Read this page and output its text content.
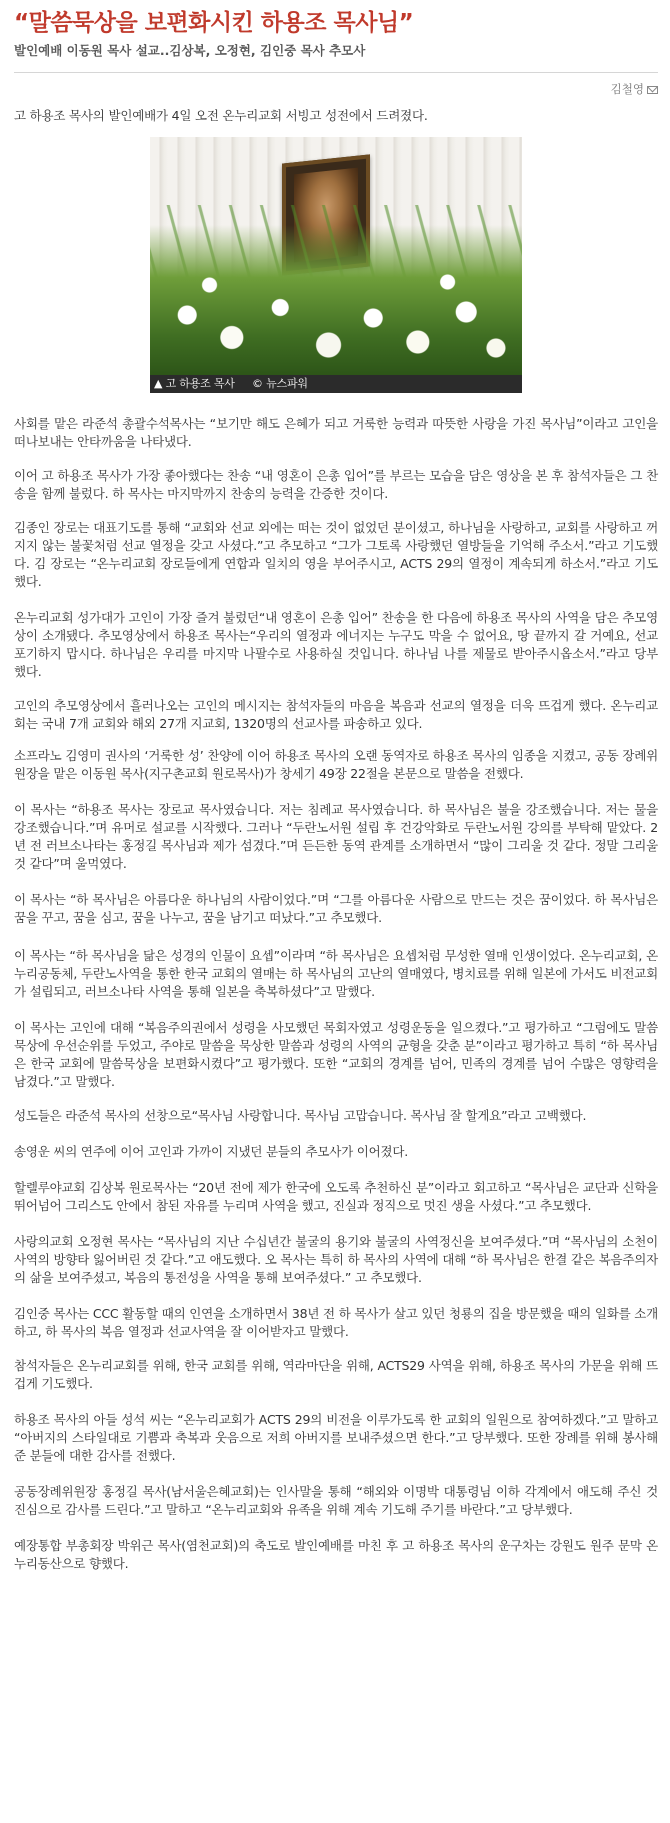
“말씀묵상을 보편화시킨 하용조 목사님”
발인예배 이동원 목사 설교..김상복, 오정현, 김인중 목사 추모사
김철영

고 하용조 목사의 발인예배가 4일 오전 온누리교회 서빙고 성전에서 드려졌다.

▲ 고 하용조 목사 © 뉴스파워

사회를 맡은 라준석 총괄수석목사는 “보기만 해도 은혜가 되고 거룩한 능력과 따뜻한 사랑을 가진 목사님”이라고 고인을 떠나보내는 안타까움을 나타냈다.

이어 고 하용조 목사가 가장 좋아했다는 찬송 “내 영혼이 은총 입어”를 부르는 모습을 담은 영상을 본 후 참석자들은 그 찬송을 함께 불렀다. 하 목사는 마지막까지 찬송의 능력을 간증한 것이다.

김종인 장로는 대표기도를 통해 “교회와 선교 외에는 떠는 것이 없었던 분이셨고, 하나님을 사랑하고, 교회를 사랑하고 꺼지지 않는 불꽃처럼 선교 열정을 갖고 사셨다.”고 추모하고 “그가 그토록 사랑했던 열방들을 기억해 주소서.”라고 기도했다. 김 장로는 “온누리교회 장로들에게 연합과 일치의 영을 부어주시고, ACTS 29의 열정이 계속되게 하소서.”라고 기도했다.

온누리교회 성가대가 고인이 가장 즐겨 불렀던“내 영혼이 은총 입어” 찬송을 한 다음에 하용조 목사의 사역을 담은 추모영상이 소개됐다. 추모영상에서 하용조 목사는“우리의 열정과 에너지는 누구도 막을 수 없어요, 땅 끝까지 갈 거예요, 선교 포기하지 맙시다. 하나님은 우리를 마지막 나팔수로 사용하실 것입니다. 하나님 나를 제물로 받아주시옵소서.”라고 당부했다.

고인의 추모영상에서 흘러나오는 고인의 메시지는 참석자들의 마음을 복음과 선교의 열정을 더욱 뜨겁게 했다. 온누리교회는 국내 7개 교회와 해외 27개 지교회, 1320명의 선교사를 파송하고 있다.

소프라노 김영미 권사의 ‘거룩한 성’ 찬양에 이어 하용조 목사의 오랜 동역자로 하용조 목사의 임종을 지켰고, 공동 장례위원장을 맡은 이동원 목사(지구촌교회 원로목사)가 창세기 49장 22절을 본문으로 말씀을 전했다.

이 목사는 “하용조 목사는 장로교 목사였습니다. 저는 침례교 목사였습니다. 하 목사님은 불을 강조했습니다. 저는 물을 강조했습니다.”며 유머로 설교를 시작했다. 그러나 “두란노서원 설립 후 건강악화로 두란노서원 강의를 부탁해 맡았다. 2년 전 러브소나타는 홍정길 목사님과 제가 섬겼다.”며 든든한 동역 관계를 소개하면서 “많이 그리울 것 같다. 정말 그리울 것 같다”며 울먹였다.

이 목사는 “하 목사님은 아름다운 하나님의 사람이었다.”며 “그를 아름다운 사람으로 만드는 것은 꿈이었다. 하 목사님은 꿈을 꾸고, 꿈을 심고, 꿈을 나누고, 꿈을 남기고 떠났다.”고 추모했다.

이 목사는 “하 목사님을 닮은 성경의 인물이 요셉”이라며 “하 목사님은 요셉처럼 무성한 열매 인생이었다. 온누리교회, 온누리공동체, 두란노사역을 통한 한국 교회의 열매는 하 목사님의 고난의 열매였다, 병치료를 위해 일본에 가서도 비전교회가 설립되고, 러브소나타 사역을 통해 일본을 축복하셨다”고 말했다.

이 목사는 고인에 대해 “복음주의권에서 성령을 사모했던 목회자였고 성령운동을 일으켰다.”고 평가하고 “그럼에도 말씀 묵상에 우선순위를 두었고, 주야로 말씀을 묵상한 말씀과 성령의 사역의 균형을 갖춘 분”이라고 평가하고 특히 “하 목사님은 한국 교회에 말씀묵상을 보편화시켰다”고 평가했다. 또한 “교회의 경계를 넘어, 민족의 경계를 넘어 수많은 영향력을 남겼다.”고 말했다.

성도들은 라준석 목사의 선창으로“목사님 사랑합니다. 목사님 고맙습니다. 목사님 잘 할게요”라고 고백했다.

송영운 씨의 연주에 이어 고인과 가까이 지냈던 분들의 추모사가 이어졌다.

할렐루야교회 김상복 원로목사는 “20년 전에 제가 한국에 오도록 추천하신 분”이라고 회고하고 “목사님은 교단과 신학을 뛰어넘어 그리스도 안에서 참된 자유를 누리며 사역을 했고, 진실과 정직으로 멋진 생을 사셨다.”고 추모했다.

사랑의교회 오정현 목사는 “목사님의 지난 수십년간 불굴의 용기와 불굴의 사역정신을 보여주셨다.”며 “목사님의 소천이 사역의 방향타 잃어버린 것 같다.”고 애도했다. 오 목사는 특히 하 목사의 사역에 대해 “하 목사님은 한결 같은 복음주의자의 삶을 보여주셨고, 복음의 통전성을 사역을 통해 보여주셨다.” 고 추모했다.

김인중 목사는 CCC 활동할 때의 인연을 소개하면서 38년 전 하 목사가 살고 있던 청룡의 집을 방문했을 때의 일화를 소개하고, 하 목사의 복음 열정과 선교사역을 잘 이어받자고 말했다.

참석자들은 온누리교회를 위해, 한국 교회를 위해, 역라마단을 위해, ACTS29 사역을 위해, 하용조 목사의 가문을 위해 뜨겁게 기도했다.

하용조 목사의 아들 성석 씨는 “온누리교회가 ACTS 29의 비전을 이루가도록 한 교회의 일원으로 참여하겠다.”고 말하고 “아버지의 스타일대로 기쁨과 축복과 웃음으로 저희 아버지를 보내주셨으면 한다.”고 당부했다. 또한 장례를 위해 봉사해 준 분들에 대한 감사를 전했다.

공동장례위원장 홍정길 목사(남서울은혜교회)는 인사말을 통해 “해외와 이명박 대통령님 이하 각계에서 애도해 주신 것 진심으로 감사를 드린다.”고 말하고 “온누리교회와 유족을 위해 계속 기도해 주기를 바란다.”고 당부했다.

예장통합 부총회장 박위근 목사(염천교회)의 축도로 발인예배를 마친 후 고 하용조 목사의 운구차는 강원도 원주 문막 온누리동산으로 향했다.
